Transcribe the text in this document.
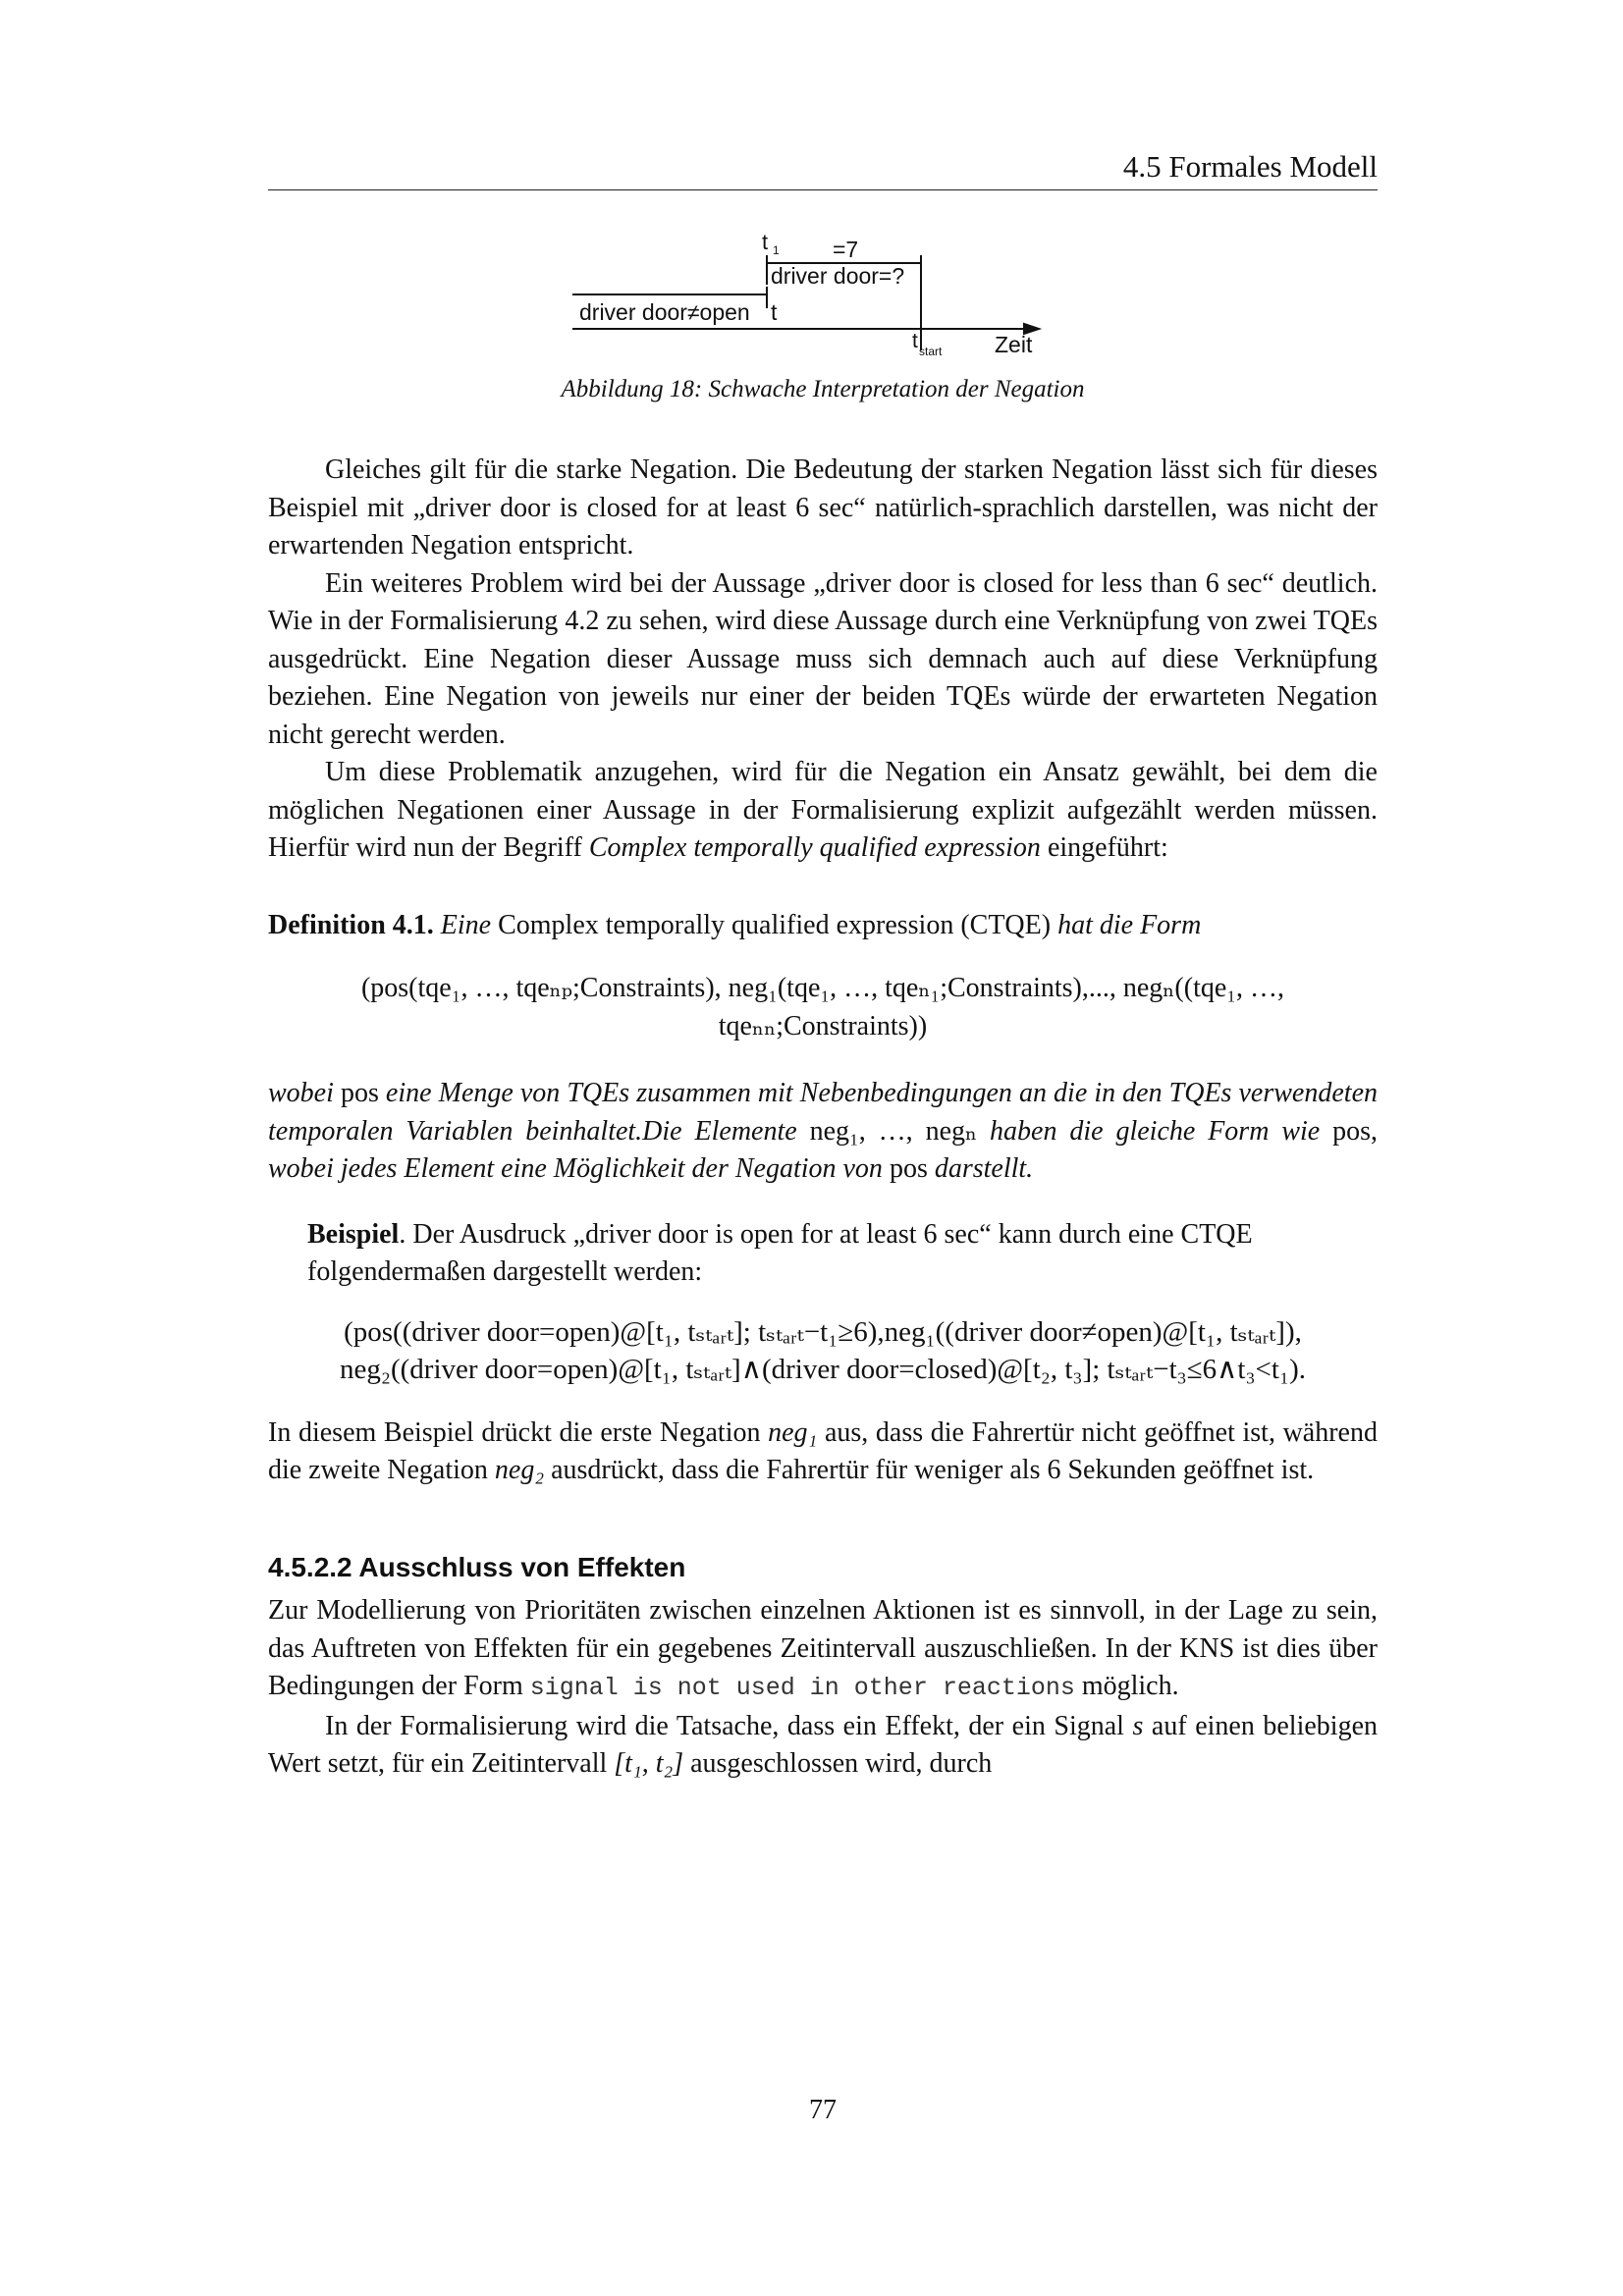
4.5 Formales Modell
t 1 =7
driver door=?
driver door≠open t
t start Zeit
Abbildung 18: Schwache Interpretation der Negation

Gleiches gilt für die starke Negation. Die Bedeutung der starken Negation lässt sich für dieses Beispiel mit „driver door is closed for at least 6 sec“ natürlich-sprachlich darstellen, was nicht der erwartenden Negation entspricht.

Ein weiteres Problem wird bei der Aussage „driver door is closed for less than 6 sec“ deutlich. Wie in der Formalisierung 4.2 zu sehen, wird diese Aussage durch eine Verknüpfung von zwei TQEs ausgedrückt. Eine Negation dieser Aussage muss sich demnach auch auf diese Verknüpfung beziehen. Eine Negation von jeweils nur einer der beiden TQEs würde der erwarteten Negation nicht gerecht werden.

Um diese Problematik anzugehen, wird für die Negation ein Ansatz gewählt, bei dem die möglichen Negationen einer Aussage in der Formalisierung explizit aufgezählt werden müssen. Hierfür wird nun der Begriff Complex temporally qualified expression eingeführt:

Definition 4.1. Eine Complex temporally qualified expression (CTQE) hat die Form

(pos(tqe₁, …, tqeₙₚ;Constraints), neg₁(tqe₁, …, tqeₙ₁;Constraints),..., negₙ((tqe₁, …,
tqeₙₙ;Constraints))

wobei pos eine Menge von TQEs zusammen mit Nebenbedingungen an die in den TQEs verwendeten temporalen Variablen beinhaltet.Die Elemente neg₁, …, negₙ haben die gleiche Form wie pos, wobei jedes Element eine Möglichkeit der Negation von pos darstellt.

Beispiel. Der Ausdruck „driver door is open for at least 6 sec“ kann durch eine CTQE folgendermaßen dargestellt werden:

(pos((driver door=open)@[t₁, tₛₜₐᵣₜ]; tₛₜₐᵣₜ−t₁≥6),neg₁((driver door≠open)@[t₁, tₛₜₐᵣₜ]),

neg₂((driver door=open)@[t₁, tₛₜₐᵣₜ]∧(driver door=closed)@[t₂, t₃]; tₛₜₐᵣₜ−t₃≤6∧t₃<t₁).

In diesem Beispiel drückt die erste Negation neg₁ aus, dass die Fahrertür nicht geöffnet ist, während die zweite Negation neg₂ ausdrückt, dass die Fahrertür für weniger als 6 Sekunden geöffnet ist.

4.5.2.2 Ausschluss von Effekten

Zur Modellierung von Prioritäten zwischen einzelnen Aktionen ist es sinnvoll, in der Lage zu sein, das Auftreten von Effekten für ein gegebenes Zeitintervall auszuschließen. In der KNS ist dies über Bedingungen der Form signal is not used in other reactions möglich.

In der Formalisierung wird die Tatsache, dass ein Effekt, der ein Signal s auf einen beliebigen Wert setzt, für ein Zeitintervall [t₁, t₂] ausgeschlossen wird, durch

77
